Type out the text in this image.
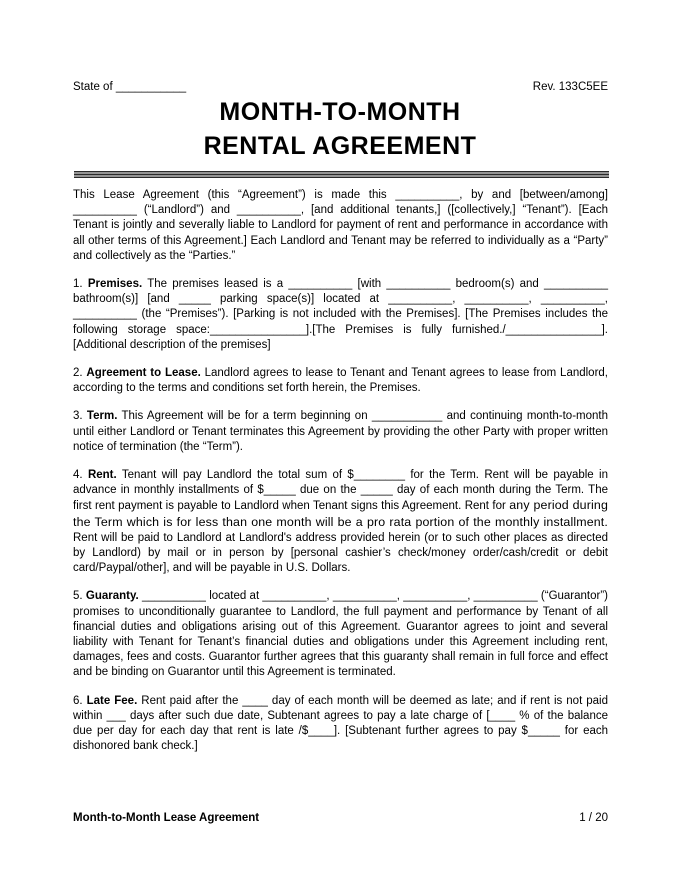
State of ___________	Rev. 133C5EE
MONTH-TO-MONTH
RENTAL AGREEMENT

This Lease Agreement (this “Agreement”) is made this __________, by and [between/among] __________ (“Landlord”) and __________, [and additional tenants,] ([collectively,] “Tenant”). [Each Tenant is jointly and severally liable to Landlord for payment of rent and performance in accordance with all other terms of this Agreement.] Each Landlord and Tenant may be referred to individually as a “Party” and collectively as the “Parties.”

1. Premises. The premises leased is a __________ [with __________ bedroom(s) and __________ bathroom(s)] [and _____ parking space(s)] located at __________, __________, __________, __________ (the “Premises”). [Parking is not included with the Premises]. [The Premises includes the following storage space:_______________].[The Premises is fully furnished./_______________]. [Additional description of the premises]

2. Agreement to Lease. Landlord agrees to lease to Tenant and Tenant agrees to lease from Landlord, according to the terms and conditions set forth herein, the Premises.

3. Term. This Agreement will be for a term beginning on ___________ and continuing month-to-month until either Landlord or Tenant terminates this Agreement by providing the other Party with proper written notice of termination (the “Term”).

4. Rent. Tenant will pay Landlord the total sum of $________ for the Term. Rent will be payable in advance in monthly installments of $_____ due on the _____ day of each month during the Term. The first rent payment is payable to Landlord when Tenant signs this Agreement. Rent for any period during the Term which is for less than one month will be a pro rata portion of the monthly installment. Rent will be paid to Landlord at Landlord's address provided herein (or to such other places as directed by Landlord) by mail or in person by [personal cashier’s check/money order/cash/credit or debit card/Paypal/other], and will be payable in U.S. Dollars.

5. Guaranty. __________ located at __________, __________, __________, __________ (“Guarantor”) promises to unconditionally guarantee to Landlord, the full payment and performance by Tenant of all financial duties and obligations arising out of this Agreement. Guarantor agrees to joint and several liability with Tenant for Tenant’s financial duties and obligations under this Agreement including rent, damages, fees and costs. Guarantor further agrees that this guaranty shall remain in full force and effect and be binding on Guarantor until this Agreement is terminated.

6. Late Fee. Rent paid after the ____ day of each month will be deemed as late; and if rent is not paid within ___ days after such due date, Subtenant agrees to pay a late charge of [____ % of the balance due per day for each day that rent is late /$____]. [Subtenant further agrees to pay $_____ for each dishonored bank check.]

Month-to-Month Lease Agreement	1 / 20
